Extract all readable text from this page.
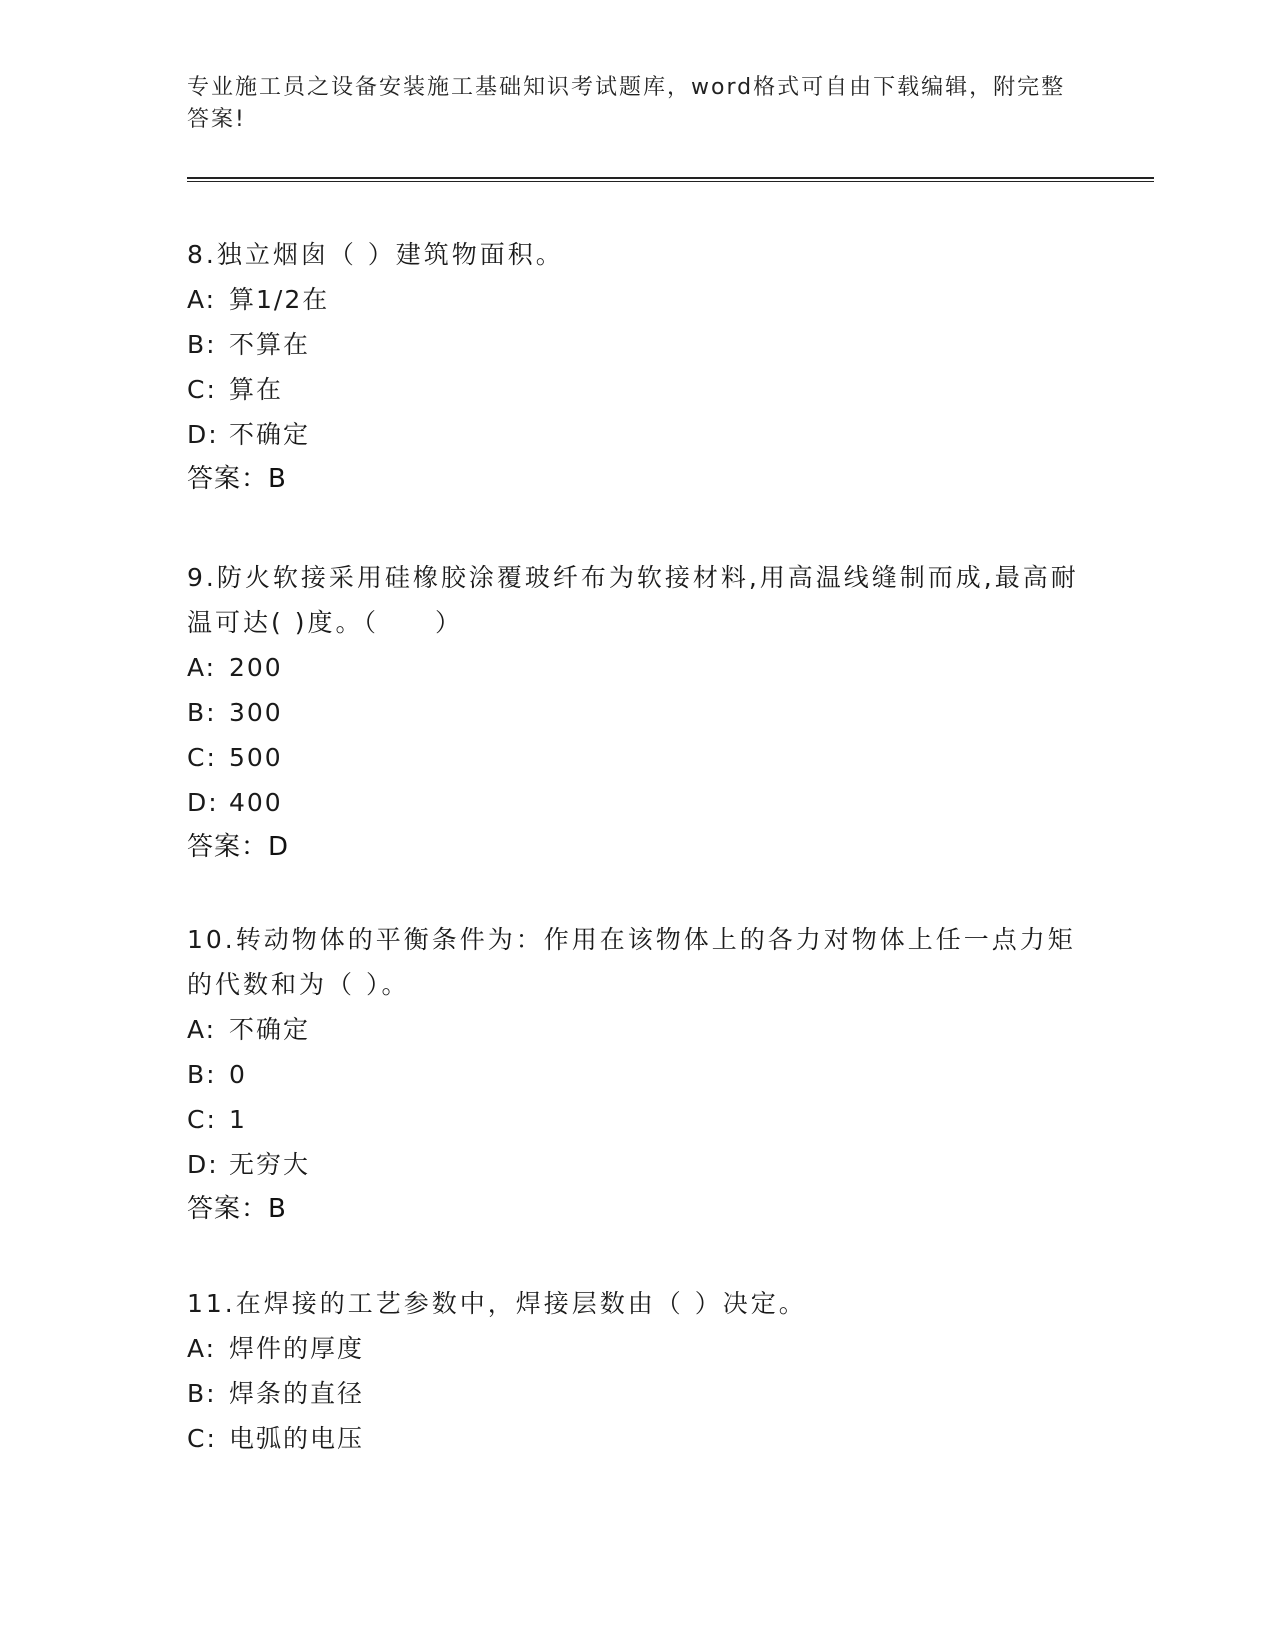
专业施工员之设备安装施工基础知识考试题库，word格式可自由下载编辑，附完整答案!

8.独立烟囱（ ）建筑物面积。

A: 算1/2在
B: 不算在
C: 算在
D: 不确定
答案：B

9.防火软接采用硅橡胶涂覆玻纤布为软接材料,用高温线缝制而成,最高耐温可达( )度。（　　）

A: 200
B: 300
C: 500
D: 400
答案：D

10.转动物体的平衡条件为：作用在该物体上的各力对物体上任一点力矩的代数和为（ ）。

A: 不确定
B: 0
C: 1
D: 无穷大
答案：B

11.在焊接的工艺参数中，焊接层数由（ ）决定。

A: 焊件的厚度
B: 焊条的直径
C: 电弧的电压
